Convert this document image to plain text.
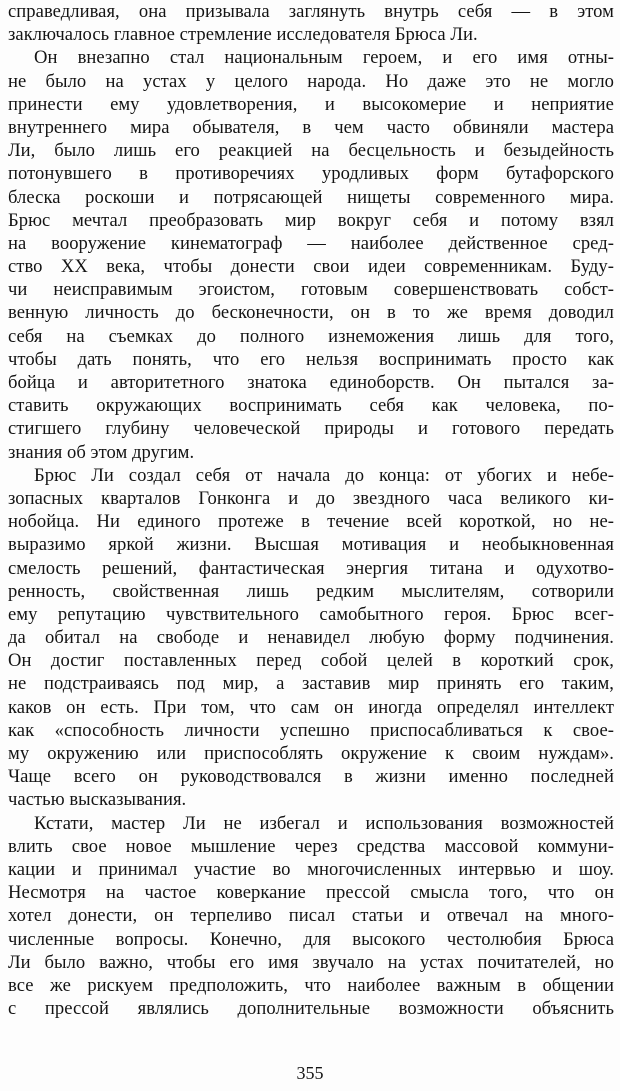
справедливая, она призывала заглянуть внутрь себя — в этом
заключалось главное стремление исследователя Брюса Ли.
Он внезапно стал национальным героем, и его имя отны-
не было на устах у целого народа. Но даже это не могло
принести ему удовлетворения, и высокомерие и неприятие
внутреннего мира обывателя, в чем часто обвиняли мастера
Ли, было лишь его реакцией на бесцельность и безыдейность
потонувшего в противоречиях уродливых форм бутафорского
блеска роскоши и потрясающей нищеты современного мира.
Брюс мечтал преобразовать мир вокруг себя и потому взял
на вооружение кинематограф — наиболее действенное сред-
ство XX века, чтобы донести свои идеи современникам. Буду-
чи неисправимым эгоистом, готовым совершенствовать собст-
венную личность до бесконечности, он в то же время доводил
себя на съемках до полного изнеможения лишь для того,
чтобы дать понять, что его нельзя воспринимать просто как
бойца и авторитетного знатока единоборств. Он пытался за-
ставить окружающих воспринимать себя как человека, по-
стигшего глубину человеческой природы и готового передать
знания об этом другим.
Брюс Ли создал себя от начала до конца: от убогих и небе-
зопасных кварталов Гонконга и до звездного часа великого ки-
нобойца. Ни единого протеже в течение всей короткой, но не-
выразимо яркой жизни. Высшая мотивация и необыкновенная
смелость решений, фантастическая энергия титана и одухотво-
ренность, свойственная лишь редким мыслителям, сотворили
ему репутацию чувствительного самобытного героя. Брюс всег-
да обитал на свободе и ненавидел любую форму подчинения.
Он достиг поставленных перед собой целей в короткий срок,
не подстраиваясь под мир, а заставив мир принять его таким,
каков он есть. При том, что сам он иногда определял интеллект
как «способность личности успешно приспосабливаться к свое-
му окружению или приспособлять окружение к своим нуждам».
Чаще всего он руководствовался в жизни именно последней
частью высказывания.
Кстати, мастер Ли не избегал и использования возможностей
влить свое новое мышление через средства массовой коммуни-
кации и принимал участие во многочисленных интервью и шоу.
Несмотря на частое коверкание прессой смысла того, что он
хотел донести, он терпеливо писал статьи и отвечал на много-
численные вопросы. Конечно, для высокого честолюбия Брюса
Ли было важно, чтобы его имя звучало на устах почитателей, но
все же рискуем предположить, что наиболее важным в общении
с прессой являлись дополнительные возможности объяснить
355
